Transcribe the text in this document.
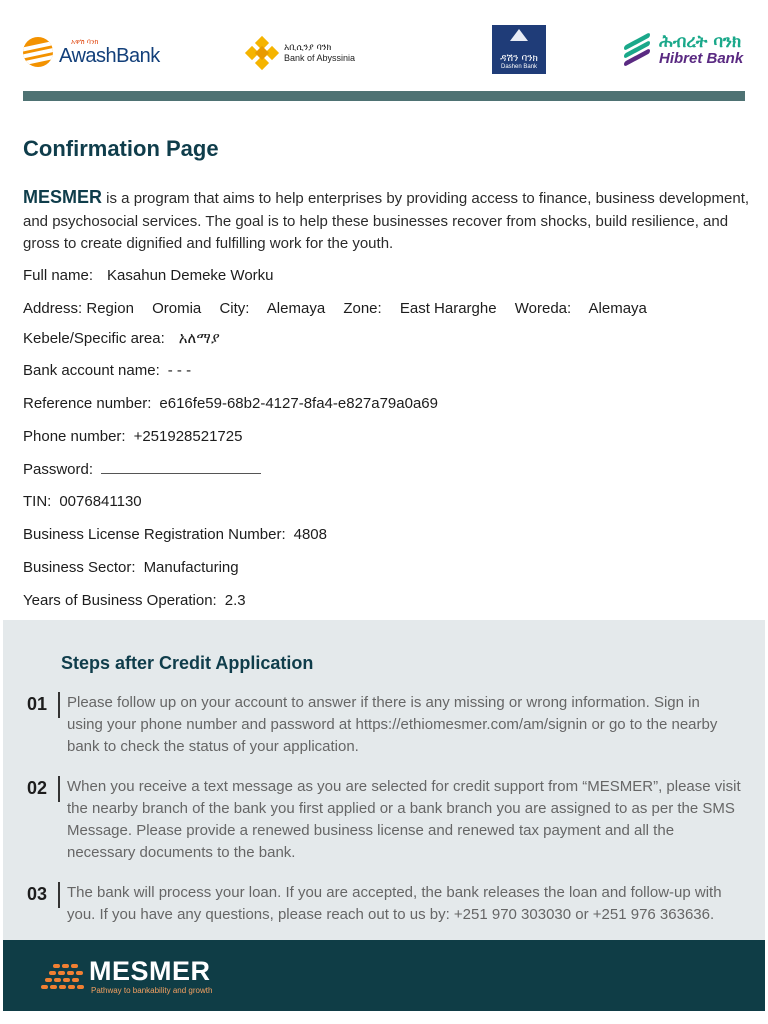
አዋሽ ባንክ
AwashBank	አቢሲንያ ባንክ
Bank of Abyssinia	ዳሽን ባንክ
Dashen Bank
ሕብረት ባንክ
Hibret Bank
Confirmation Page

MESMER is a program that aims to help enterprises by providing access to finance, business development, and psychosocial services. The goal is to help these businesses recover from shocks, build resilience, and gross to create dignified and fulfilling work for the youth.

Full name: Kasahun Demeke Worku
Address: Region Oromia City: Alemaya Zone: East Hararghe Woreda: Alemaya
Kebele/Specific area: አለማያ
Bank account name: - - -
Reference number: e616fe59-68b2-4127-8fa4-e827a79a0a69
Phone number: +251928521725
Password:
TIN: 0076841130
Business License Registration Number: 4808
Business Sector: Manufacturing
Years of Business Operation: 2.3
Steps after Credit Application
01 Please follow up on your account to answer if there is any missing or wrong information. Sign in
using your phone number and password at https://ethiomesmer.com/am/signin or go to the nearby
bank to check the status of your application.
02 When you receive a text message as you are selected for credit support from “MESMER”, please visit
the nearby branch of the bank you first applied or a bank branch you are assigned to as per the SMS
Message. Please provide a renewed business license and renewed tax payment and all the
necessary documents to the bank.
03 The bank will process your loan. If you are accepted, the bank releases the loan and follow-up with
you. If you have any questions, please reach out to us by: +251 970 303030 or +251 976 363636.
MESMER
Pathway to bankability and growth
